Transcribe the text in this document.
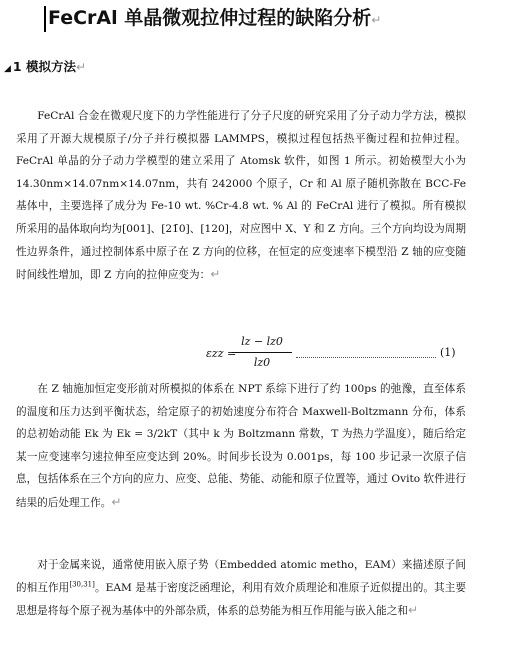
FeCrAl 单晶微观拉伸过程的缺陷分析↵
◢ 1 模拟方法↵

FeCrAl 合金在微观尺度下的力学性能进行了分子尺度的研究采用了分子动力学方法，模拟采用了开源大规模原子/分子并行模拟器 LAMMPS，模拟过程包括热平衡过程和拉伸过程。FeCrAl 单晶的分子动力学模型的建立采用了 Atomsk 软件，如图 1 所示。初始模型大小为 14.30nm×14.07nm×14.07nm，共有 242000 个原子，Cr 和 Al 原子随机弥散在 BCC-Fe 基体中，主要选择了成分为 Fe-10 wt. %Cr-4.8 wt. % Al 的 FeCrAl 进行了模拟。所有模拟所采用的晶体取向均为[001]、[21̄0]、[120]，对应图中 X、Y 和 Z 方向。三个方向均设为周期性边界条件，通过控制体系中原子在 Z 方向的位移，在恒定的应变速率下模型沿 Z 轴的应变随时间线性增加，即 Z 方向的拉伸应变为：↵

εzz =
lz − lz0
lz0
(1)

在 Z 轴施加恒定变形前对所模拟的体系在 NPT 系综下进行了约 100ps 的弛豫，直至体系的温度和压力达到平衡状态，给定原子的初始速度分布符合 Maxwell-Boltzmann 分布，体系的总初始动能 Ek 为 Ek = 3/2kT（其中 k 为 Boltzmann 常数，T 为热力学温度），随后给定某一应变速率匀速拉伸至应变达到 20%。时间步长设为 0.001ps，每 100 步记录一次原子信息，包括体系在三个方向的应力、应变、总能、势能、动能和原子位置等，通过 Ovito 软件进行结果的后处理工作。↵

对于金属来说，通常使用嵌入原子势（Embedded atomic metho，EAM）来描述原子间的相互作用[30,31]。EAM 是基于密度泛函理论，利用有效介质理论和准原子近似提出的。其主要思想是将每个原子视为基体中的外部杂质，体系的总势能为相互作用能与嵌入能之和↵
